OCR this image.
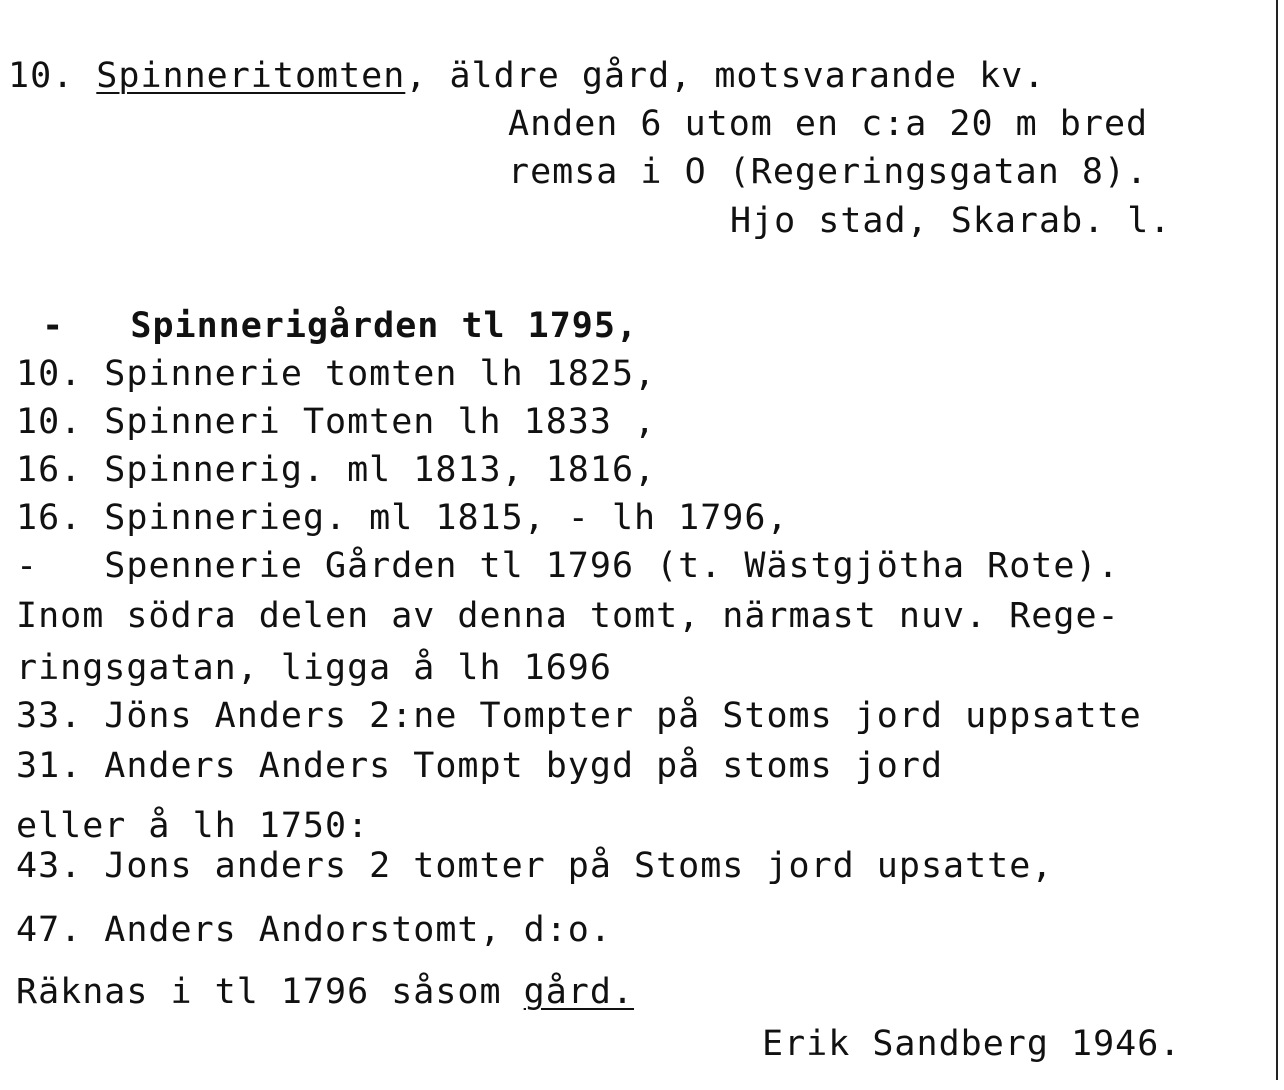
10. Spinneritomten, äldre gård, motsvarande kv.
Anden 6 utom en c:a 20 m bred
remsa i O (Regeringsgatan 8).
Hjo stad, Skarab. l.
- Spinnerigården tl 1795,
10. Spinnerie tomten lh 1825,
10. Spinneri Tomten lh 1833 ,
16. Spinnerig. ml 1813, 1816,
16. Spinnerieg. ml 1815, - lh 1796,
- Spennerie Gården tl 1796 (t. Wästgjötha Rote).
Inom södra delen av denna tomt, närmast nuv. Rege-
ringsgatan, ligga å lh 1696
33. Jöns Anders 2:ne Tompter på Stoms jord uppsatte
31. Anders Anders Tompt bygd på stoms jord
eller å lh 1750:
43. Jons anders 2 tomter på Stoms jord upsatte,
47. Anders Andorstomt, d:o.
Räknas i tl 1796 såsom gård.
Erik Sandberg 1946.
